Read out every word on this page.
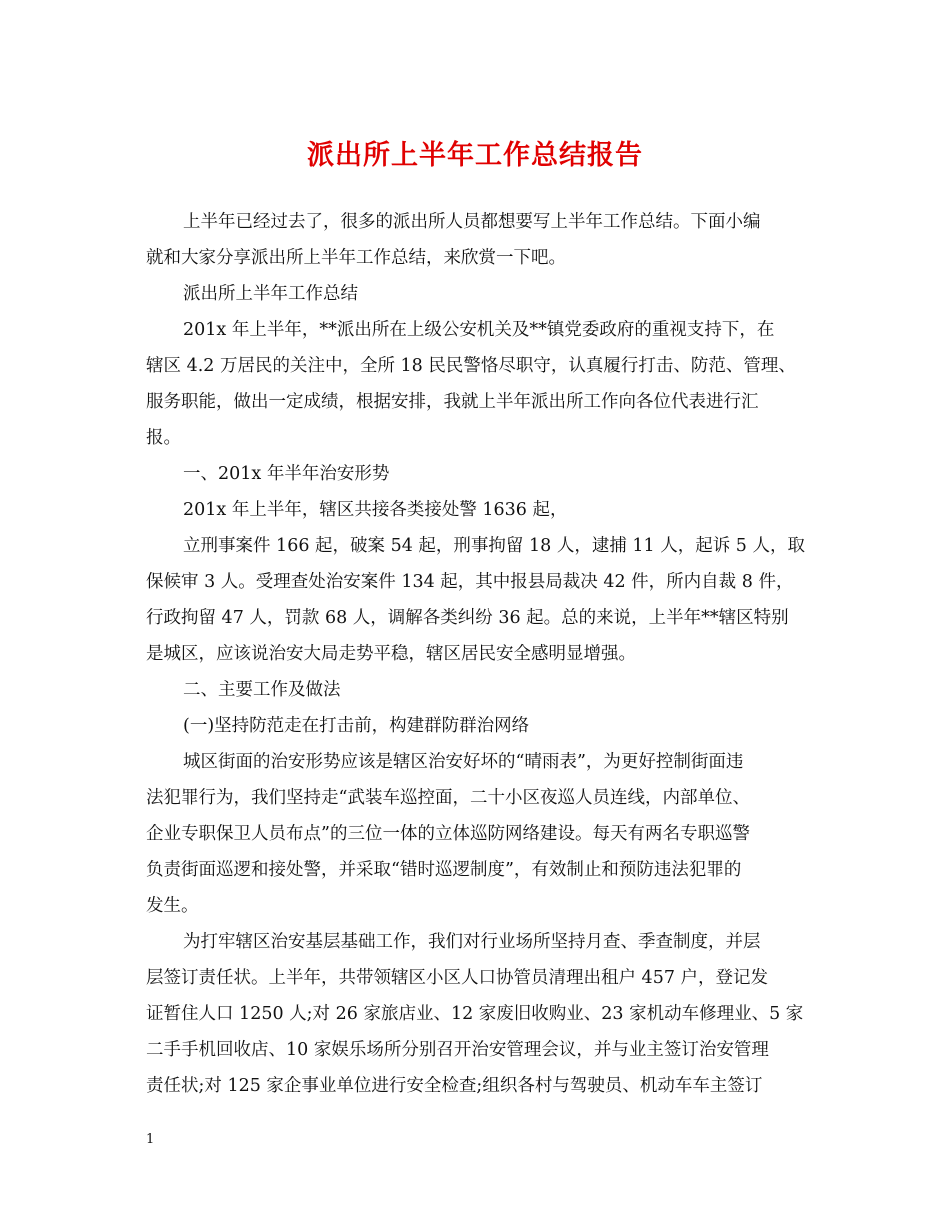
派出所上半年工作总结报告
上半年已经过去了，很多的派出所人员都想要写上半年工作总结。下面小编
就和大家分享派出所上半年工作总结，来欣赏一下吧。
派出所上半年工作总结
201x 年上半年，**派出所在上级公安机关及**镇党委政府的重视支持下，在
辖区 4.2 万居民的关注中，全所 18 民民警恪尽职守，认真履行打击、防范、管理、
服务职能，做出一定成绩，根据安排，我就上半年派出所工作向各位代表进行汇
报。
一、201x 年半年治安形势
201x 年上半年，辖区共接各类接处警 1636 起，
立刑事案件 166 起，破案 54 起，刑事拘留 18 人，逮捕 11 人，起诉 5 人，取
保候审 3 人。受理查处治安案件 134 起，其中报县局裁决 42 件，所内自裁 8 件，
行政拘留 47 人，罚款 68 人，调解各类纠纷 36 起。总的来说，上半年**辖区特别
是城区，应该说治安大局走势平稳，辖区居民安全感明显增强。
二、主要工作及做法
(一)坚持防范走在打击前，构建群防群治网络
城区街面的治安形势应该是辖区治安好坏的“晴雨表”，为更好控制街面违
法犯罪行为，我们坚持走“武装车巡控面，二十小区夜巡人员连线，内部单位、
企业专职保卫人员布点”的三位一体的立体巡防网络建设。每天有两名专职巡警
负责街面巡逻和接处警，并采取“错时巡逻制度”，有效制止和预防违法犯罪的
发生。
为打牢辖区治安基层基础工作，我们对行业场所坚持月查、季查制度，并层
层签订责任状。上半年，共带领辖区小区人口协管员清理出租户 457 户，登记发
证暂住人口 1250 人;对 26 家旅店业、12 家废旧收购业、23 家机动车修理业、5 家
二手手机回收店、10 家娱乐场所分别召开治安管理会议，并与业主签订治安管理
责任状;对 125 家企事业单位进行安全检查;组织各村与驾驶员、机动车车主签订
1
